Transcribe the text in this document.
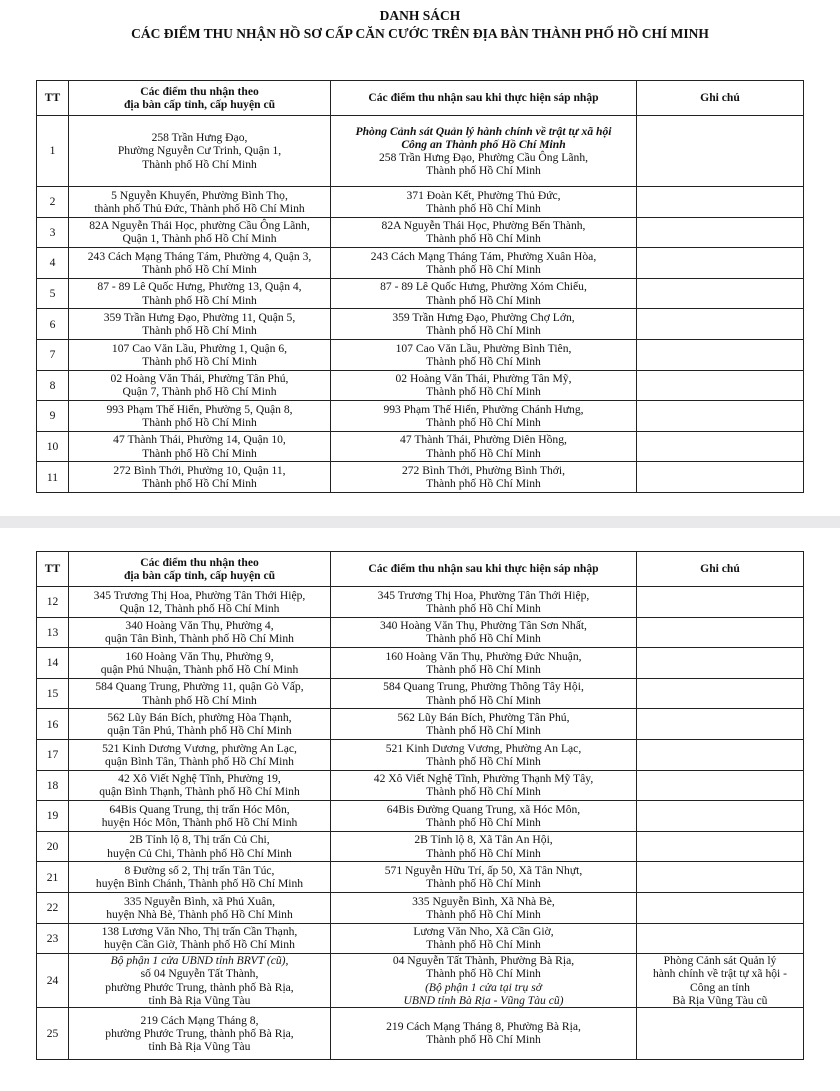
DANH SÁCH
CÁC ĐIỂM THU NHẬN HỒ SƠ CẤP CĂN CƯỚC TRÊN ĐỊA BÀN THÀNH PHỐ HỒ CHÍ MINH
TT	Các điểm thu nhận theo
địa bàn cấp tỉnh, cấp huyện cũ	Các điểm thu nhận sau khi thực hiện sáp nhập	Ghi chú
1	258 Trần Hưng Đạo,
Phường Nguyễn Cư Trinh, Quận 1,
Thành phố Hồ Chí Minh	Phòng Cảnh sát Quản lý hành chính về trật tự xã hội
Công an Thành phố Hồ Chí Minh
258 Trần Hưng Đạo, Phường Cầu Ông Lãnh,
Thành phố Hồ Chí Minh	

2	5 Nguyễn Khuyến, Phường Bình Thọ,
thành phố Thủ Đức, Thành phố Hồ Chí Minh	371 Đoàn Kết, Phường Thủ Đức,
Thành phố Hồ Chí Minh	

3	82A Nguyễn Thái Học, phường Cầu Ông Lãnh,
Quận 1, Thành phố Hồ Chí Minh	82A Nguyễn Thái Học, Phường Bến Thành,
Thành phố Hồ Chí Minh	

4	243 Cách Mạng Tháng Tám, Phường 4, Quận 3,
Thành phố Hồ Chí Minh	243 Cách Mạng Tháng Tám, Phường Xuân Hòa,
Thành phố Hồ Chí Minh	

5	87 - 89 Lê Quốc Hưng, Phường 13, Quận 4,
Thành phố Hồ Chí Minh	87 - 89 Lê Quốc Hưng, Phường Xóm Chiếu,
Thành phố Hồ Chí Minh	

6	359 Trần Hưng Đạo, Phường 11, Quận 5,
Thành phố Hồ Chí Minh	359 Trần Hưng Đạo, Phường Chợ Lớn,
Thành phố Hồ Chí Minh	

7	107 Cao Văn Lầu, Phường 1, Quận 6,
Thành phố Hồ Chí Minh	107 Cao Văn Lầu, Phường Bình Tiên,
Thành phố Hồ Chí Minh	

8	02 Hoàng Văn Thái, Phường Tân Phú,
Quận 7, Thành phố Hồ Chí Minh	02 Hoàng Văn Thái, Phường Tân Mỹ,
Thành phố Hồ Chí Minh	

9	993 Phạm Thế Hiển, Phường 5, Quận 8,
Thành phố Hồ Chí Minh	993 Phạm Thế Hiển, Phường Chánh Hưng,
Thành phố Hồ Chí Minh	

10	47 Thành Thái, Phường 14, Quận 10,
Thành phố Hồ Chí Minh	47 Thành Thái, Phường Diên Hồng,
Thành phố Hồ Chí Minh	

11	272 Bình Thới, Phường 10, Quận 11,
Thành phố Hồ Chí Minh	272 Bình Thới, Phường Bình Thới,
Thành phố Hồ Chí Minh	

TT	Các điểm thu nhận theo
địa bàn cấp tỉnh, cấp huyện cũ	Các điểm thu nhận sau khi thực hiện sáp nhập	Ghi chú
12	345 Trương Thị Hoa, Phường Tân Thới Hiệp,
Quận 12, Thành phố Hồ Chí Minh	345 Trương Thị Hoa, Phường Tân Thới Hiệp,
Thành phố Hồ Chí Minh	

13	340 Hoàng Văn Thụ, Phường 4,
quận Tân Bình, Thành phố Hồ Chí Minh	340 Hoàng Văn Thụ, Phường Tân Sơn Nhất,
Thành phố Hồ Chí Minh	

14	160 Hoàng Văn Thụ, Phường 9,
quận Phú Nhuận, Thành phố Hồ Chí Minh	160 Hoàng Văn Thụ, Phường Đức Nhuận,
Thành phố Hồ Chí Minh	

15	584 Quang Trung, Phường 11, quận Gò Vấp,
Thành phố Hồ Chí Minh	584 Quang Trung, Phường Thông Tây Hội,
Thành phố Hồ Chí Minh	

16	562 Lũy Bán Bích, phường Hòa Thạnh,
quận Tân Phú, Thành phố Hồ Chí Minh	562 Lũy Bán Bích, Phường Tân Phú,
Thành phố Hồ Chí Minh	

17	521 Kinh Dương Vương, phường An Lạc,
quận Bình Tân, Thành phố Hồ Chí Minh	521 Kinh Dương Vương, Phường An Lạc,
Thành phố Hồ Chí Minh	

18	42 Xô Viết Nghệ Tĩnh, Phường 19,
quận Bình Thạnh, Thành phố Hồ Chí Minh	42 Xô Viết Nghệ Tĩnh, Phường Thạnh Mỹ Tây,
Thành phố Hồ Chí Minh	

19	64Bis Quang Trung, thị trấn Hóc Môn,
huyện Hóc Môn, Thành phố Hồ Chí Minh	64Bis Đường Quang Trung, xã Hóc Môn,
Thành phố Hồ Chí Minh	

20	2B Tỉnh lộ 8, Thị trấn Củ Chi,
huyện Củ Chi, Thành phố Hồ Chí Minh	2B Tỉnh lộ 8, Xã Tân An Hội,
Thành phố Hồ Chí Minh	

21	8 Đường số 2, Thị trấn Tân Túc,
huyện Bình Chánh, Thành phố Hồ Chí Minh	571 Nguyễn Hữu Trí, ấp 50, Xã Tân Nhựt,
Thành phố Hồ Chí Minh	

22	335 Nguyễn Bình, xã Phú Xuân,
huyện Nhà Bè, Thành phố Hồ Chí Minh	335 Nguyễn Bình, Xã Nhà Bè,
Thành phố Hồ Chí Minh	

23	138 Lương Văn Nho, Thị trấn Cần Thạnh,
huyện Cần Giờ, Thành phố Hồ Chí Minh	Lương Văn Nho, Xã Cần Giờ,
Thành phố Hồ Chí Minh	

24	Bộ phận 1 cửa UBND tỉnh BRVT (cũ),
số 04 Nguyễn Tất Thành,
phường Phước Trung, thành phố Bà Rịa,
tỉnh Bà Rịa Vũng Tàu	04 Nguyễn Tất Thành, Phường Bà Rịa,
Thành phố Hồ Chí Minh
(Bộ phận 1 cửa tại trụ sở
UBND tỉnh Bà Rịa - Vũng Tàu cũ)	Phòng Cảnh sát Quản lý
hành chính về trật tự xã hội -
Công an tỉnh
Bà Rịa Vũng Tàu cũ

25	219 Cách Mạng Tháng 8,
phường Phước Trung, thành phố Bà Rịa,
tỉnh Bà Rịa Vũng Tàu	219 Cách Mạng Tháng 8, Phường Bà Rịa,
Thành phố Hồ Chí Minh	
